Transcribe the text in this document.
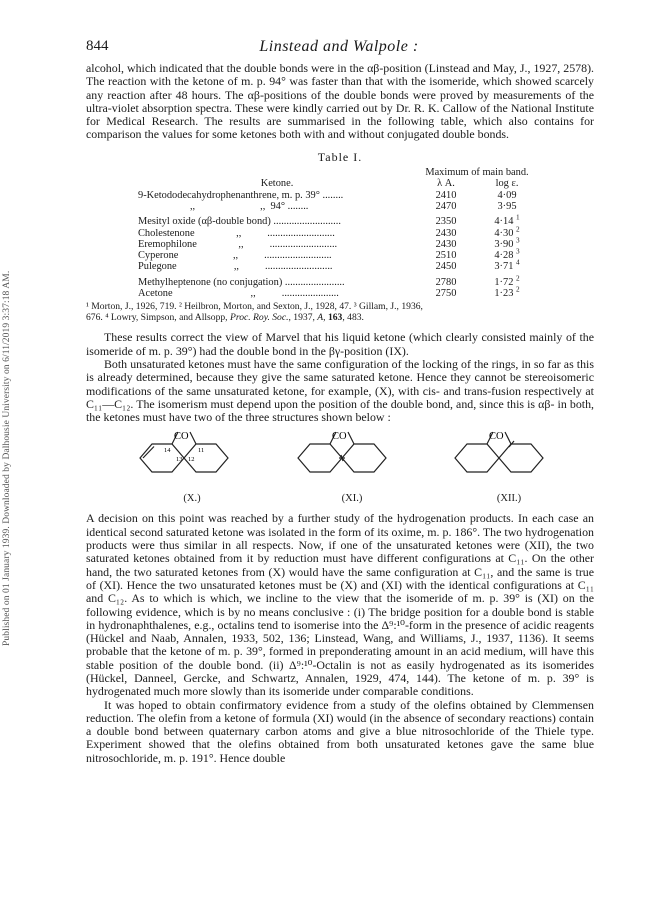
Published on 01 January 1939. Downloaded by Dalhousie University on 6/11/2019 3:37:18 AM.
844	Linstead and Walpole :

alcohol, which indicated that the double bonds were in the αβ-position (Linstead and May, J., 1927, 2578). The reaction with the ketone of m. p. 94° was faster than that with the isomeride, which showed scarcely any reaction after 48 hours. The αβ-positions of the double bonds were proved by measurements of the ultra-violet absorption spectra. These were kindly carried out by Dr. R. K. Callow of the National Institute for Medical Research. The results are summarised in the following table, which also contains for comparison the values for some ketones both with and without conjugated double bonds.

Table I.
	Maximum of main band.	
Ketone.	λ A.	log ε.
9-Ketododecahydrophenanthrene, m. p. 39° ........	2410	4·09
,,                         ,,  94° ........	2470	3·95

Mesityl oxide (αβ-double bond) ..........................	2350	4·14 $^1$
Cholestenone                ,,          ..........................	2430	4·30 $^2$
Eremophilone                ,,          ..........................	2430	3·90 $^3$
Cyperone                     ,,          ..........................	2510	4·28 $^3$
Pulegone                      ,,          ..........................	2450	3·71 $^4$

Methylheptenone (no conjugation) .......................	2780	1·72 $^2$
Acetone                              ,,          ......................	2750	1·23 $^2$
¹ Morton, J., 1926, 719. ² Heilbron, Morton, and Sexton, J., 1928, 47. ³ Gillam, J., 1936,
676. ⁴ Lowry, Simpson, and Allsopp, Proc. Roy. Soc., 1937, A, 163, 483.

These results correct the view of Marvel that his liquid ketone (which clearly consisted mainly of the isomeride of m. p. 39°) had the double bond in the βγ-position (IX).

Both unsaturated ketones must have the same configuration of the locking of the rings, in so far as this is already determined, because they give the same saturated ketone. Hence they cannot be stereoisomeric modifications of the same unsaturated ketone, for example, (X), with cis- and trans-fusion respectively at C₁₁—C₁₂. The isomerism must depend upon the position of the double bond, and, since this is αβ- in both, the ketones must have two of the three structures shown below :

CO
14	11
13 12
(X.)
CO
(XI.)
CO
(XII.)

A decision on this point was reached by a further study of the hydrogenation products. In each case an identical second saturated ketone was isolated in the form of its oxime, m. p. 186°. The two hydrogenation products were thus similar in all respects. Now, if one of the unsaturated ketones were (XII), the two saturated ketones obtained from it by reduction must have different configurations at C₁₁. On the other hand, the two saturated ketones from (X) would have the same configuration at C₁₁, and the same is true of (XI). Hence the two unsaturated ketones must be (X) and (XI) with the identical configurations at C₁₁ and C₁₂. As to which is which, we incline to the view that the isomeride of m. p. 39° is (XI) on the following evidence, which is by no means conclusive : (i) The bridge position for a double bond is stable in hydronaphthalenes, e.g., octalins tend to isomerise into the Δ⁹:¹⁰-form in the presence of acidic reagents (Hückel and Naab, Annalen, 1933, 502, 136; Linstead, Wang, and Williams, J., 1937, 1136). It seems probable that the ketone of m. p. 39°, formed in preponderating amount in an acid medium, will have this stable position of the double bond. (ii) Δ⁹:¹⁰-Octalin is not as easily hydrogenated as its isomerides (Hückel, Danneel, Gercke, and Schwartz, Annalen, 1929, 474, 144). The ketone of m. p. 39° is hydrogenated much more slowly than its isomeride under comparable conditions.

It was hoped to obtain confirmatory evidence from a study of the olefins obtained by Clemmensen reduction. The olefin from a ketone of formula (XI) would (in the absence of secondary reactions) contain a double bond between quaternary carbon atoms and give a blue nitrosochloride of the Thiele type. Experiment showed that the olefins obtained from both unsaturated ketones gave the same blue nitrosochloride, m. p. 191°. Hence double
